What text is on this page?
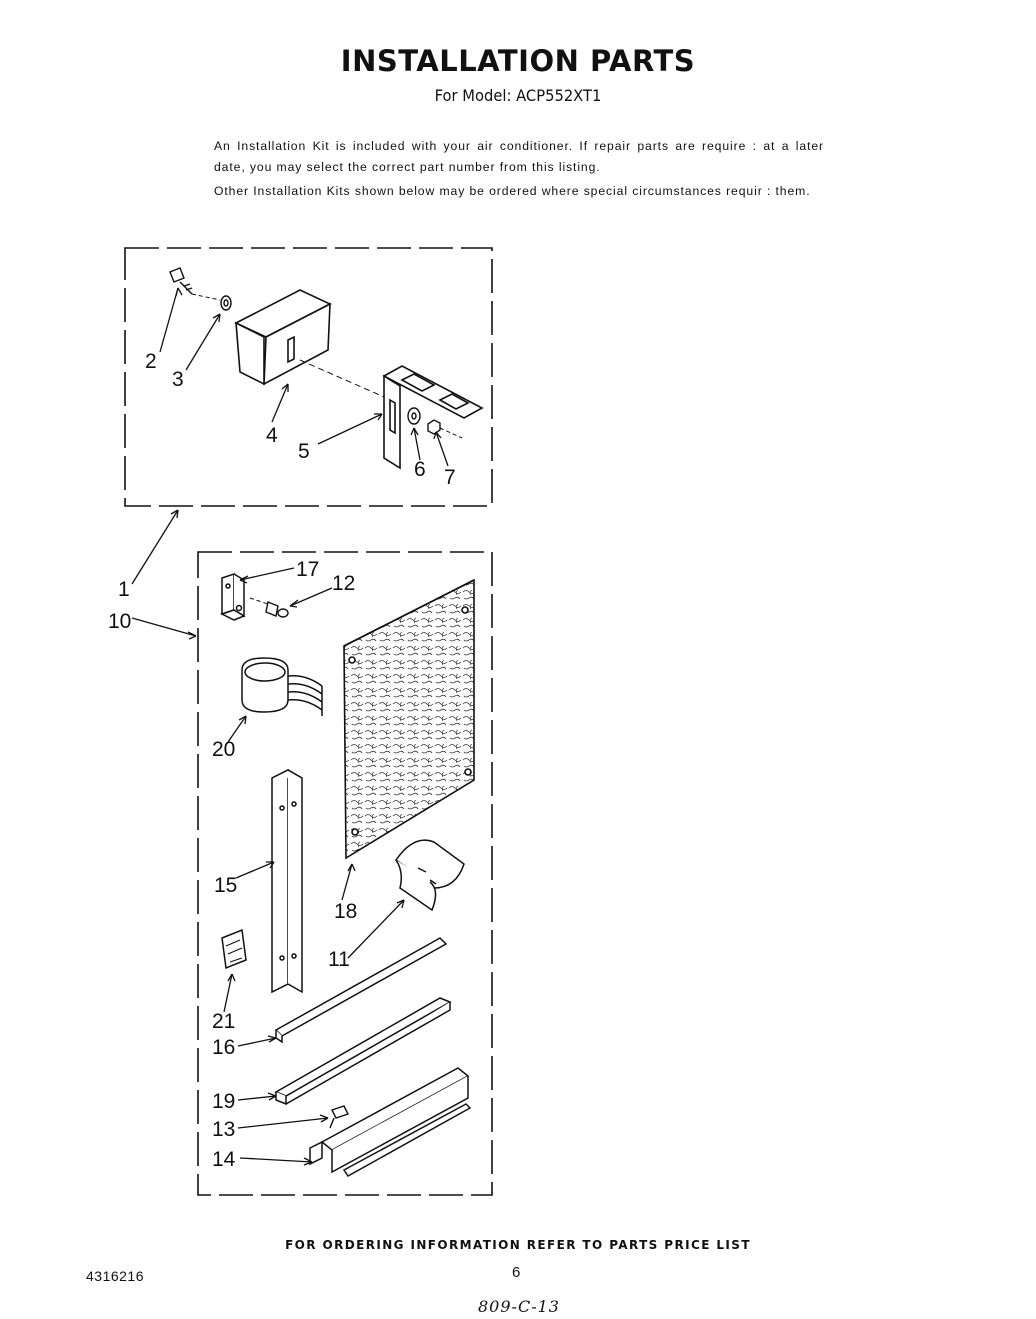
INSTALLATION PARTS
For Model: ACP552XT1
An Installation Kit is included with your air conditioner. If repair parts are require : at a later date, you may select the correct part number from this listing.
Other Installation Kits shown below may be ordered where special circumstances requir : them.
2
3
4
5
6 7
1
10
17
12
20
15
18
11
21
16
19
13
14
FOR ORDERING INFORMATION REFER TO PARTS PRICE LIST
6
4316216
809-C-13
